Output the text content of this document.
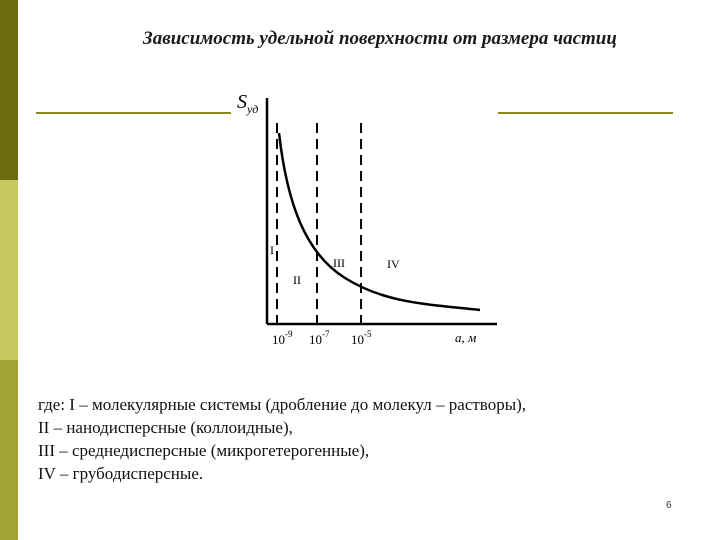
Зависимость удельной поверхности от размера частиц
$S_{уд}$
I
II
III	IV
$10^{-9}$ $10^{-7}$ $10^{-5}$	a, м
где: I – молекулярные системы (дробление до молекул – растворы),
II – нанодисперсные (коллоидные),
III – среднедисперсные (микрогетерогенные),
IV – грубодисперсные.
6
